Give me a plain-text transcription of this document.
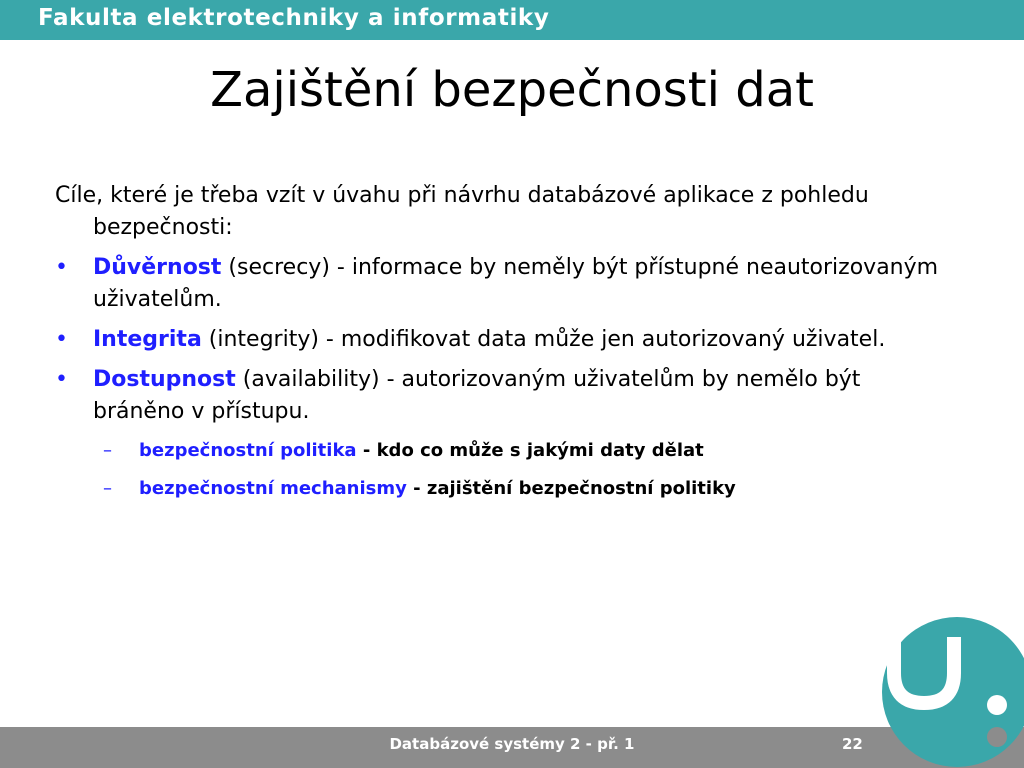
Fakulta elektrotechniky a informatiky
Zajištění bezpečnosti dat

Cíle, které je třeba vzít v úvahu při návrhu databázové aplikace z pohledu bezpečnosti:

• Důvěrnost (secrecy) - informace by neměly být přístupné neautorizovaným uživatelům.
• Integrita (integrity) - modifikovat data může jen autorizovaný uživatel.
• Dostupnost (availability) - autorizovaným uživatelům by nemělo být bráněno v přístupu.
– bezpečnostní politika - kdo co může s jakými daty dělat
– bezpečnostní mechanismy - zajištění bezpečnostní politiky
Databázové systémy 2 - př. 1	22
